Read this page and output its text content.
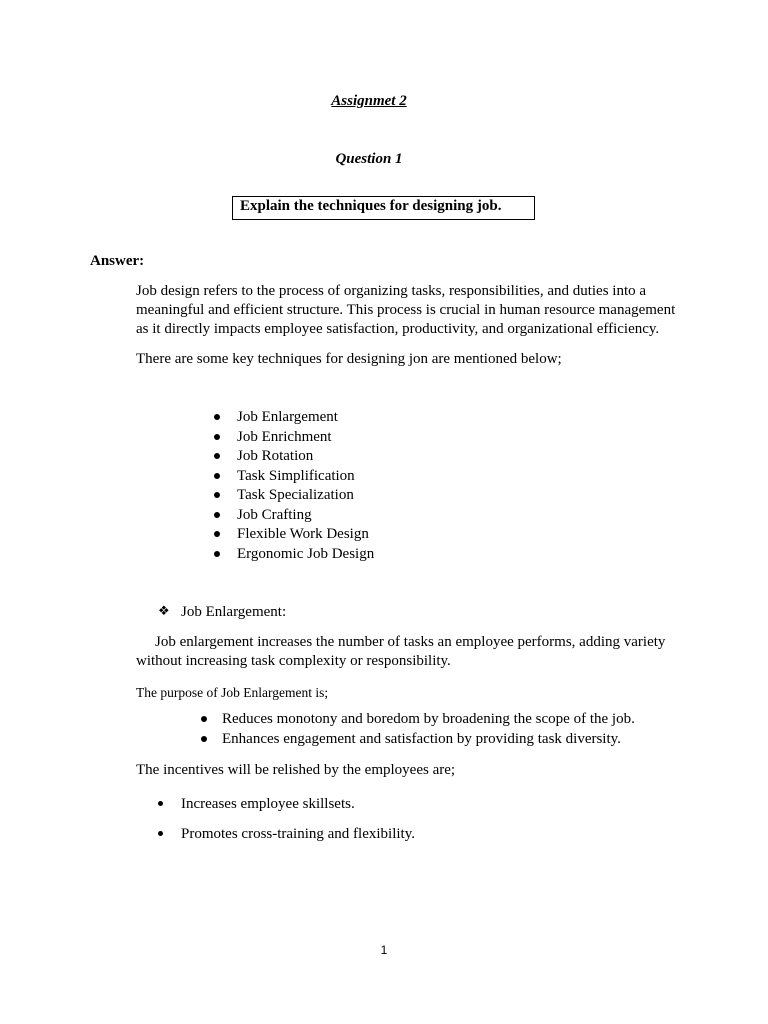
Assignmet 2

Question 1

Explain the techniques for designing job.

Answer:

Job design refers to the process of organizing tasks, responsibilities, and duties into a
meaningful and efficient structure. This process is crucial in human resource management
as it directly impacts employee satisfaction, productivity, and organizational efficiency.

There are some key techniques for designing jon are mentioned below;

Job Enlargement
Job Enrichment
Job Rotation
Task Simplification
Task Specialization
Job Crafting
Flexible Work Design
Ergonomic Job Design
❖ Job Enlargement:

Job enlargement increases the number of tasks an employee performs, adding variety
without increasing task complexity or responsibility.

The purpose of Job Enlargement is;

Reduces monotony and boredom by broadening the scope of the job.
Enhances engagement and satisfaction by providing task diversity.

The incentives will be relished by the employees are;

Increases employee skillsets.
Promotes cross-training and flexibility.

1
